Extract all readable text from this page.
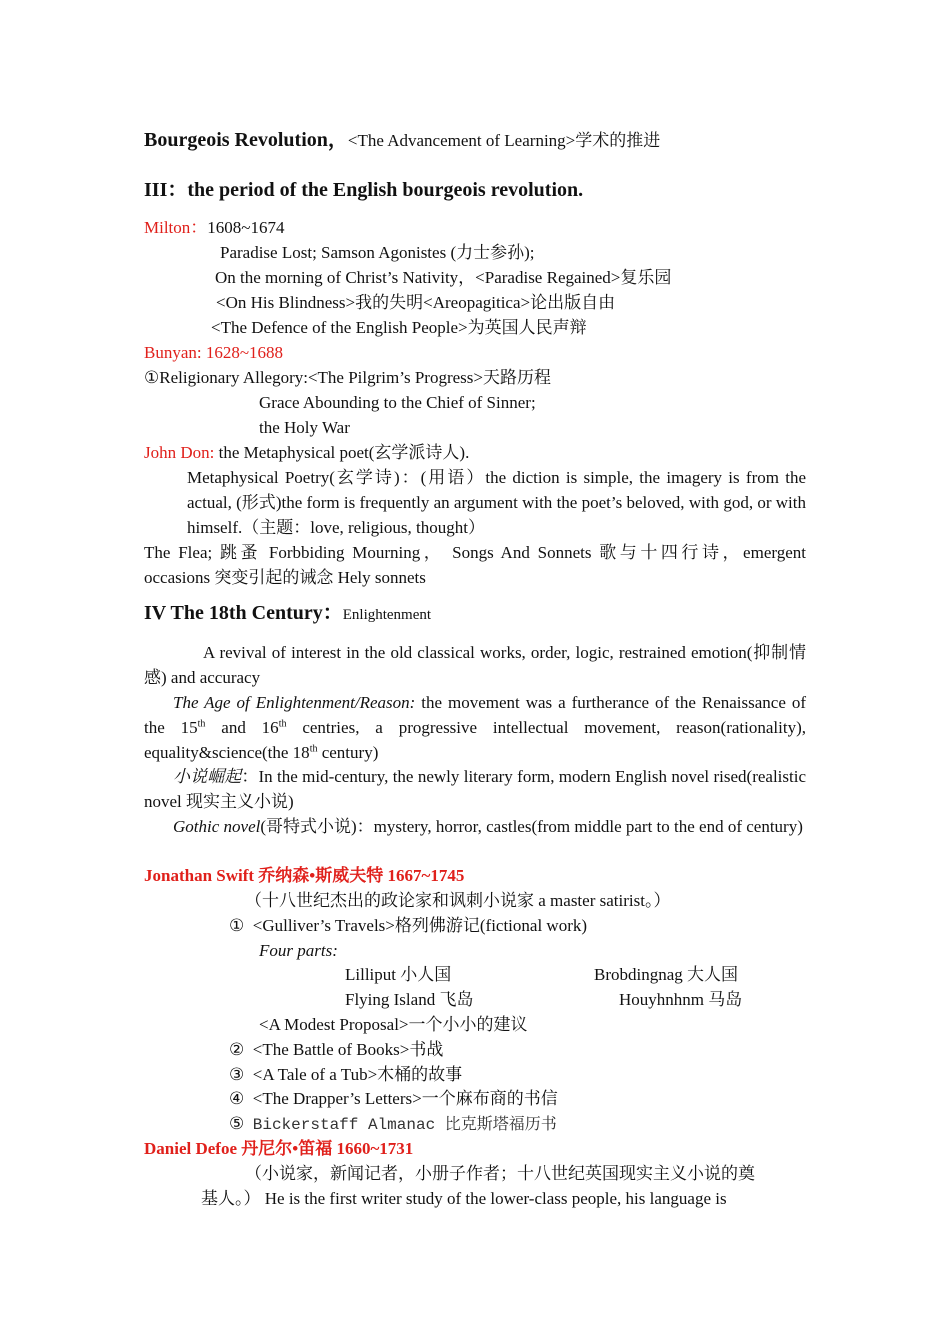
Bourgeois Revolution，<The Advancement of Learning>学术的推进
III：the period of the English bourgeois revolution.
Milton：1608~1674
Paradise Lost; Samson Agonistes (力士参孙);
On the morning of Christ’s Nativity，<Paradise Regained>复乐园
<On His Blindness>我的失明<Areopagitica>论出版自由
<The Defence of the English People>为英国人民声辩
Bunyan: 1628~1688
①Religionary Allegory:<The Pilgrim’s Progress>天路历程
Grace Abounding to the Chief of Sinner;
the Holy War
John Don: the Metaphysical poet(玄学派诗人).
Metaphysical Poetry(玄学诗)：(用语）the diction is simple, the imagery is from the actual, (形式)the form is frequently an argument with the poet’s beloved, with god, or with himself.（主题：love, religious, thought）
The Flea; 跳蚤 Forbbiding Mourning， Songs And Sonnets 歌与十四行诗，emergent occasions 突变引起的诫念 Hely sonnets
IV The 18th Century：Enlightenment
A revival of interest in the old classical works, order, logic, restrained emotion(抑制情感) and accuracy
The Age of Enlightenment/Reason: the movement was a furtherance of the Renaissance of the 15th and 16th centries, a progressive intellectual movement, reason(rationality), equality&science(the 18th century)
小说崛起：In the mid-century, the newly literary form, modern English novel rised(realistic novel 现实主义小说)
Gothic novel(哥特式小说)：mystery, horror, castles(from middle part to the end of century)
Jonathan Swift 乔纳森•斯威夫特 1667~1745
（十八世纪杰出的政论家和讽刺小说家 a master satirist。）
① <Gulliver’s Travels>格列佛游记(fictional work)
Four parts:
Lilliput 小人国	Brobdingnag 大人国
Flying Island 飞岛	Houyhnhnm 马岛
<A Modest Proposal>一个小小的建议
② <The Battle of Books>书战
③ <A Tale of a Tub>木桶的故事
④ <The Drapper’s Letters>一个麻布商的书信
⑤ Bickerstaff Almanac 比克斯塔福历书
Daniel Defoe 丹尼尔•笛福 1660~1731
（小说家，新闻记者，小册子作者；十八世纪英国现实主义小说的奠
基人。） He is the first writer study of the lower-class people, his language is
